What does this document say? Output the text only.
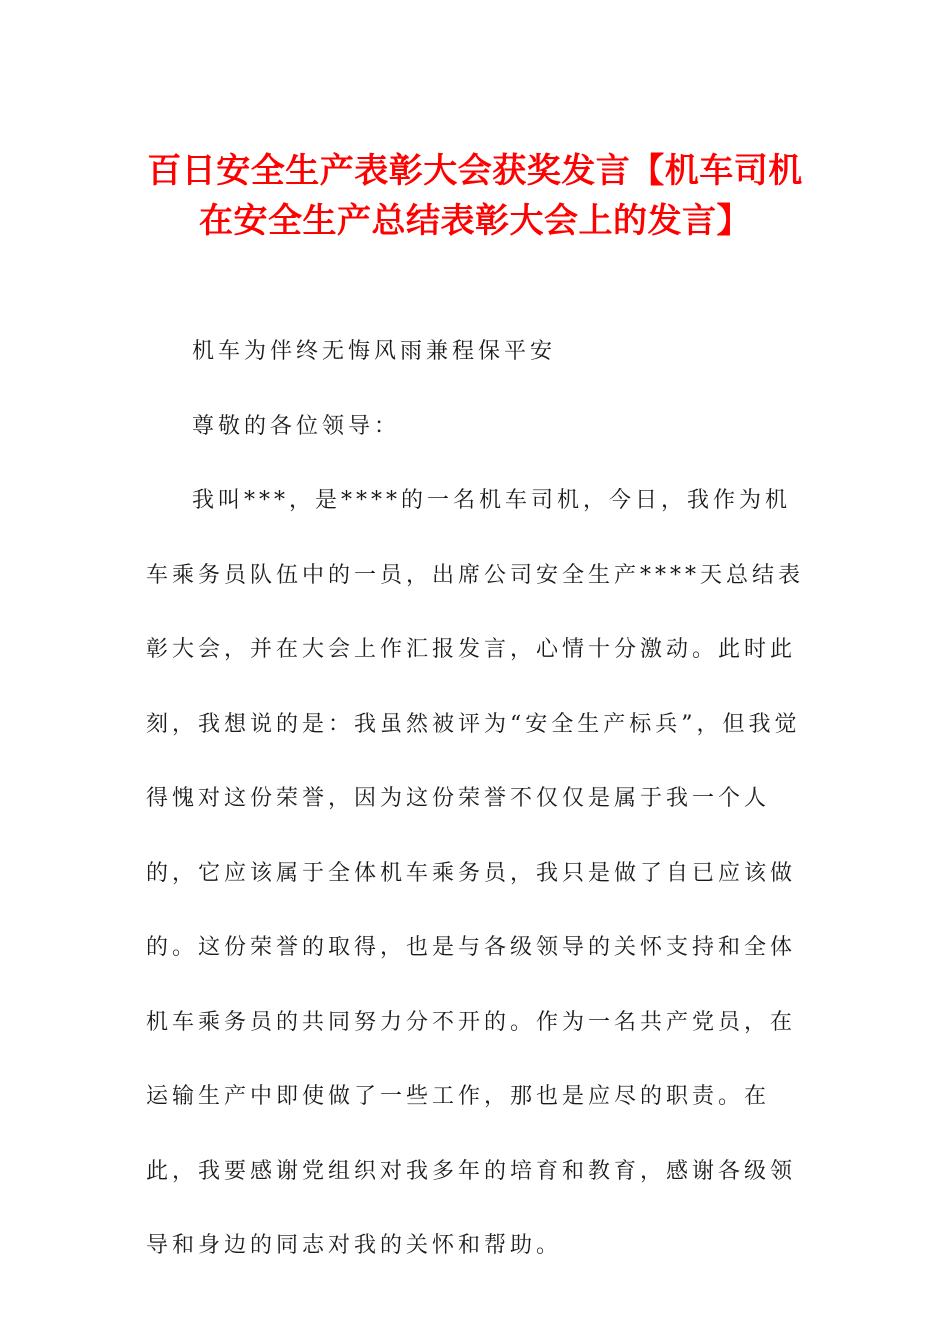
百日安全生产表彰大会获奖发言【机车司机
在安全生产总结表彰大会上的发言】

机车为伴终无悔风雨兼程保平安

尊敬的各位领导：

我叫***，是****的一名机车司机，今日，我作为机车乘务员队伍中的一员，出席公司安全生产****天总结表彰大会，并在大会上作汇报发言，心情十分激动。此时此刻，我想说的是：我虽然被评为“安全生产标兵”，但我觉得愧对这份荣誉，因为这份荣誉不仅仅是属于我一个人的，它应该属于全体机车乘务员，我只是做了自已应该做的。这份荣誉的取得，也是与各级领导的关怀支持和全体机车乘务员的共同努力分不开的。作为一名共产党员，在运输生产中即使做了一些工作，那也是应尽的职责。在此，我要感谢党组织对我多年的培育和教育，感谢各级领导和身边的同志对我的关怀和帮助。
